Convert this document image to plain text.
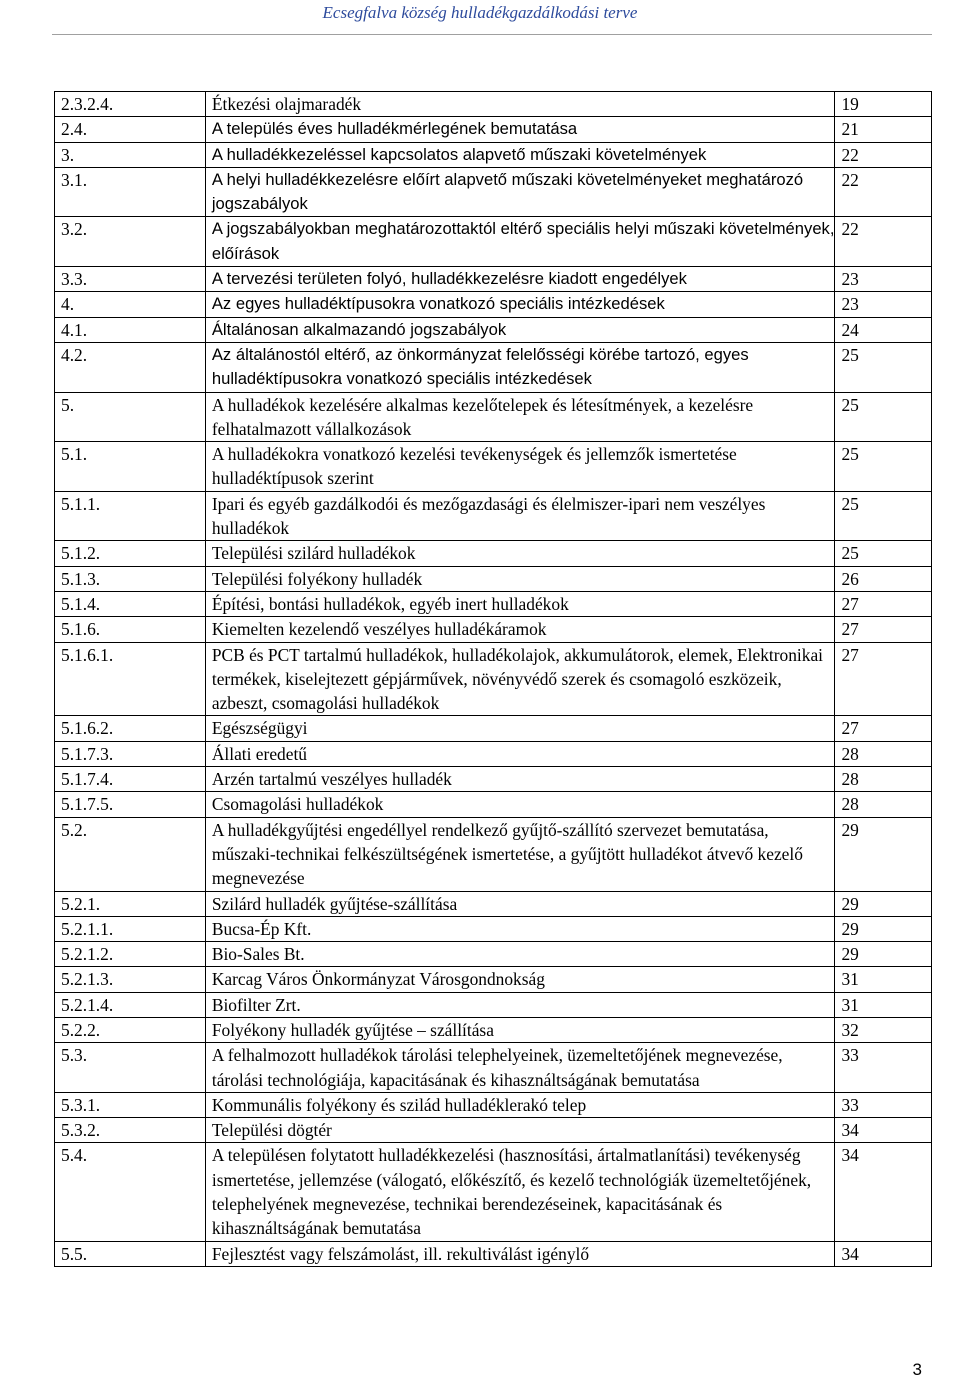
Ecsegfalva község hulladékgazdálkodási terve
2.3.2.4.	Étkezési olajmaradék	19
2.4.	A település éves hulladékmérlegének bemutatása	21
3.	A hulladékkezeléssel kapcsolatos alapvető műszaki követelmények	22
3.1.	A helyi hulladékkezelésre előírt alapvető műszaki követelményeket meghatározó jogszabályok	22
3.2.	A jogszabályokban meghatározottaktól eltérő speciális helyi műszaki követelmények, előírások	22
3.3.	A tervezési területen folyó, hulladékkezelésre kiadott engedélyek	23
4.	Az egyes hulladéktípusokra vonatkozó speciális intézkedések	23
4.1.	Általánosan alkalmazandó jogszabályok	24
4.2.	Az általánostól eltérő, az önkormányzat felelősségi körébe tartozó, egyes hulladéktípusokra vonatkozó speciális intézkedések	25
5.	A hulladékok kezelésére alkalmas kezelőtelepek és létesítmények, a kezelésre felhatalmazott vállalkozások	25
5.1.	A hulladékokra vonatkozó kezelési tevékenységek és jellemzők ismertetése hulladéktípusok szerint	25
5.1.1.	Ipari és egyéb gazdálkodói és mezőgazdasági és élelmiszer-ipari nem veszélyes hulladékok	25
5.1.2.	Települési szilárd hulladékok	25
5.1.3.	Települési folyékony hulladék	26
5.1.4.	Építési, bontási hulladékok, egyéb inert hulladékok	27
5.1.6.	Kiemelten kezelendő veszélyes hulladékáramok	27
5.1.6.1.	PCB és PCT tartalmú hulladékok, hulladékolajok, akkumulátorok, elemek, Elektronikai termékek, kiselejtezett gépjárművek, növényvédő szerek és csomagoló eszközeik, azbeszt, csomagolási hulladékok	27
5.1.6.2.	Egészségügyi	27
5.1.7.3.	Állati eredetű	28
5.1.7.4.	Arzén tartalmú veszélyes hulladék	28
5.1.7.5.	Csomagolási hulladékok	28
5.2.	A hulladékgyűjtési engedéllyel rendelkező gyűjtő-szállító szervezet bemutatása, műszaki-technikai felkészültségének ismertetése, a gyűjtött hulladékot átvevő kezelő megnevezése	29
5.2.1.	Szilárd hulladék gyűjtése-szállítása	29
5.2.1.1.	Bucsa-Ép Kft.	29
5.2.1.2.	Bio-Sales Bt.	29
5.2.1.3.	Karcag Város Önkormányzat Városgondnokság	31
5.2.1.4.	Biofilter Zrt.	31
5.2.2.	Folyékony hulladék gyűjtése – szállítása	32
5.3.	A felhalmozott hulladékok tárolási telephelyeinek, üzemeltetőjének megnevezése, tárolási technológiája, kapacitásának és kihasználtságának bemutatása	33
5.3.1.	Kommunális folyékony és szilád hulladéklerakó telep	33
5.3.2.	Települési dögtér	34
5.4.	A településen folytatott hulladékkezelési (hasznosítási, ártalmatlanítási) tevékenység ismertetése, jellemzése (válogató, előkészítő, és kezelő technológiák üzemeltetőjének, telephelyének megnevezése, technikai berendezéseinek, kapacitásának és kihasználtságának bemutatása	34
5.5.	Fejlesztést vagy felszámolást, ill. rekultiválást igénylő	34
3
